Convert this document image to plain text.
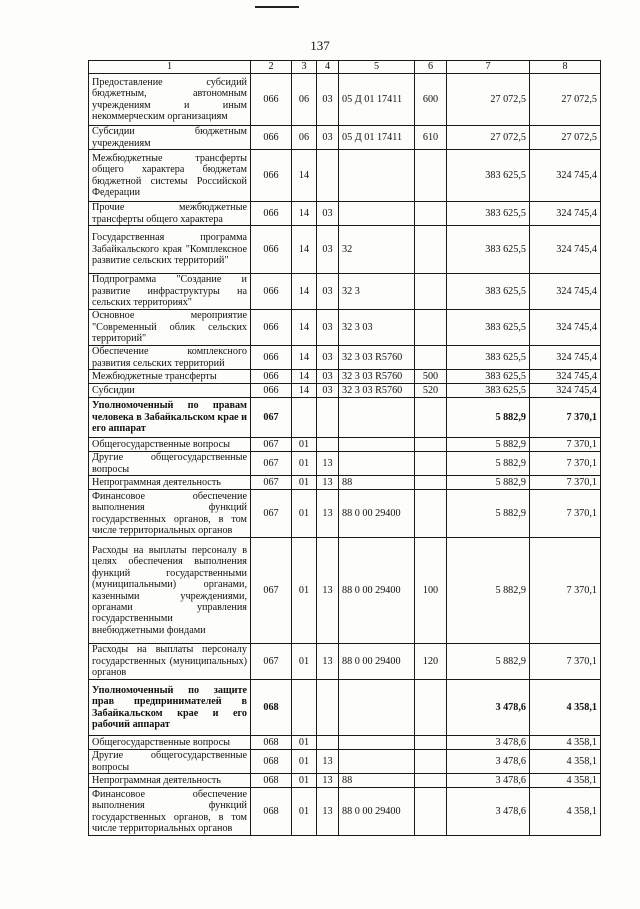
137
1	2	3	4	5	6	7	8
Предоставление субсидий бюджетным, автономным учреждениям и иным некоммерческим организациям	066	06	03	05 Д 01 17411	600	27 072,5	27 072,5
Субсидии бюджетным учреждениям	066	06	03	05 Д 01 17411	610	27 072,5	27 072,5
Межбюджетные трансферты общего характера бюджетам бюджетной системы Российской Федерации	066	14				383 625,5	324 745,4
Прочие межбюджетные трансферты общего характера	066	14	03			383 625,5	324 745,4
Государственная программа Забайкальского края "Комплексное развитие сельских территорий"	066	14	03	32		383 625,5	324 745,4
Подпрограмма "Создание и развитие инфраструктуры на сельских территориях"	066	14	03	32 3		383 625,5	324 745,4
Основное мероприятие "Современный облик сельских территорий"	066	14	03	32 3 03		383 625,5	324 745,4
Обеспечение комплексного развития сельских территорий	066	14	03	32 3 03 R5760		383 625,5	324 745,4
Межбюджетные трансферты	066	14	03	32 3 03 R5760	500	383 625,5	324 745,4
Субсидии	066	14	03	32 3 03 R5760	520	383 625,5	324 745,4
Уполномоченный по правам человека в Забайкальском крае и его аппарат	067					5 882,9	7 370,1
Общегосударственные вопросы	067	01				5 882,9	7 370,1
Другие общегосударственные вопросы	067	01	13			5 882,9	7 370,1
Непрограммная деятельность	067	01	13	88		5 882,9	7 370,1
Финансовое обеспечение выполнения функций государственных органов, в том числе территориальных органов	067	01	13	88 0 00 29400		5 882,9	7 370,1
Расходы на выплаты персоналу в целях обеспечения выполнения функций государственными (муниципальными) органами, казенными учреждениями, органами управления государственными внебюджетными фондами	067	01	13	88 0 00 29400	100	5 882,9	7 370,1
Расходы на выплаты персоналу государственных (муниципальных) органов	067	01	13	88 0 00 29400	120	5 882,9	7 370,1
Уполномоченный по защите прав предпринимателей в Забайкальском крае и его рабочий аппарат	068					3 478,6	4 358,1
Общегосударственные вопросы	068	01				3 478,6	4 358,1
Другие общегосударственные вопросы	068	01	13			3 478,6	4 358,1
Непрограммная деятельность	068	01	13	88		3 478,6	4 358,1
Финансовое обеспечение выполнения функций государственных органов, в том числе территориальных органов	068	01	13	88 0 00 29400		3 478,6	4 358,1
